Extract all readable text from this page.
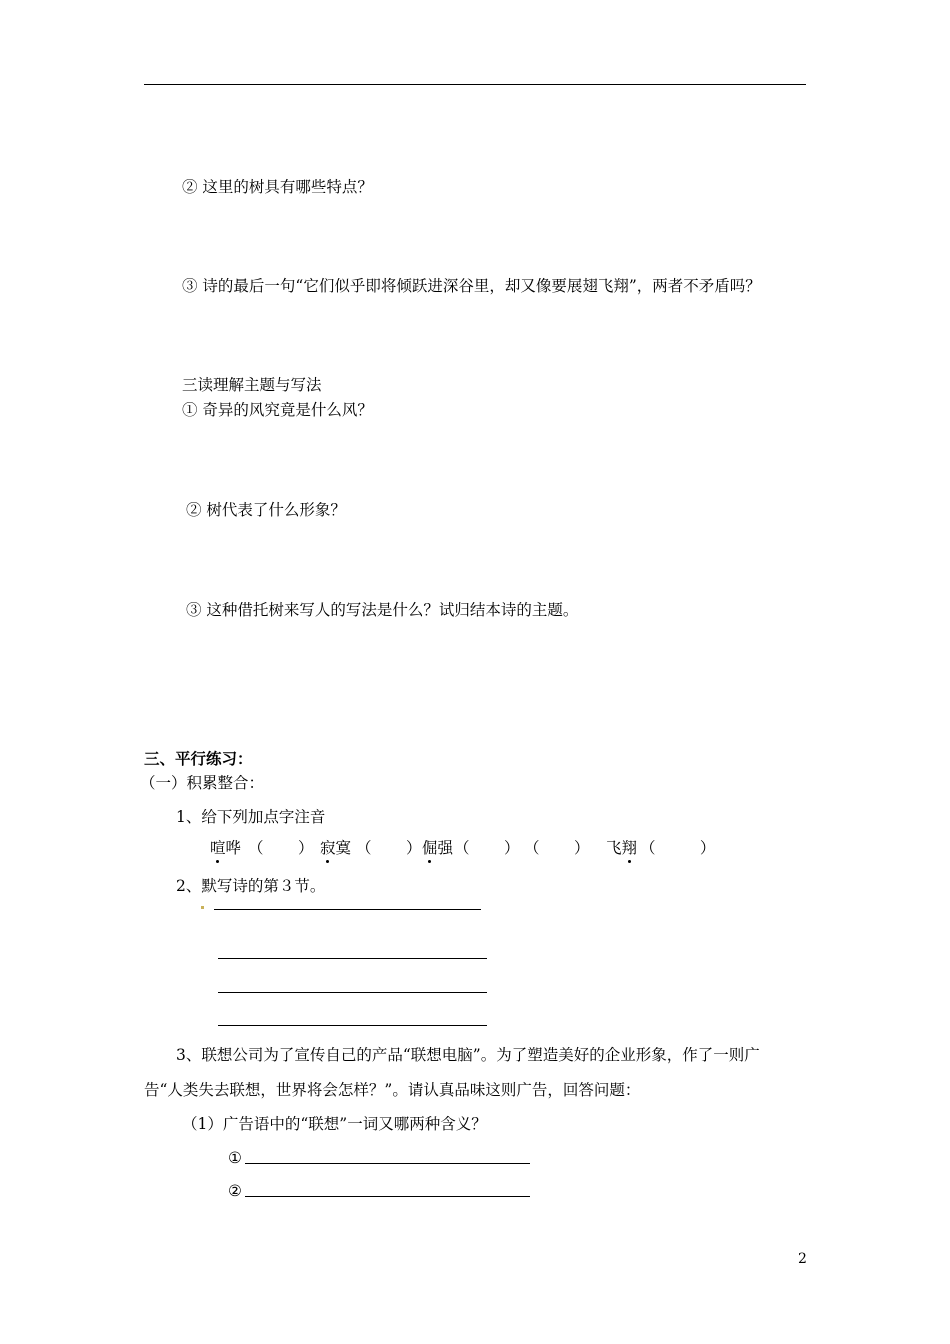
② 这里的树具有哪些特点？
③ 诗的最后一句“它们似乎即将倾跃进深谷里，却又像要展翅飞翔”，两者不矛盾吗？
三读理解主题与写法
① 奇异的风究竟是什么风？
② 树代表了什么形象？
③ 这种借托树来写人的写法是什么？试归结本诗的主题。
三、平行练习：
（一）积累整合：
1、给下列加点字注音
喧哗 （       ） 寂寞 （       ） 倔强 （       ） （       ） 飞翔 （         ）
2、默写诗的第３节。
3、联想公司为了宣传自己的产品“联想电脑”。为了塑造美好的企业形象，作了一则广
告“人类失去联想，世界将会怎样？”。请认真品味这则广告，回答问题：
（1）广告语中的“联想”一词又哪两种含义？
①
②
2
